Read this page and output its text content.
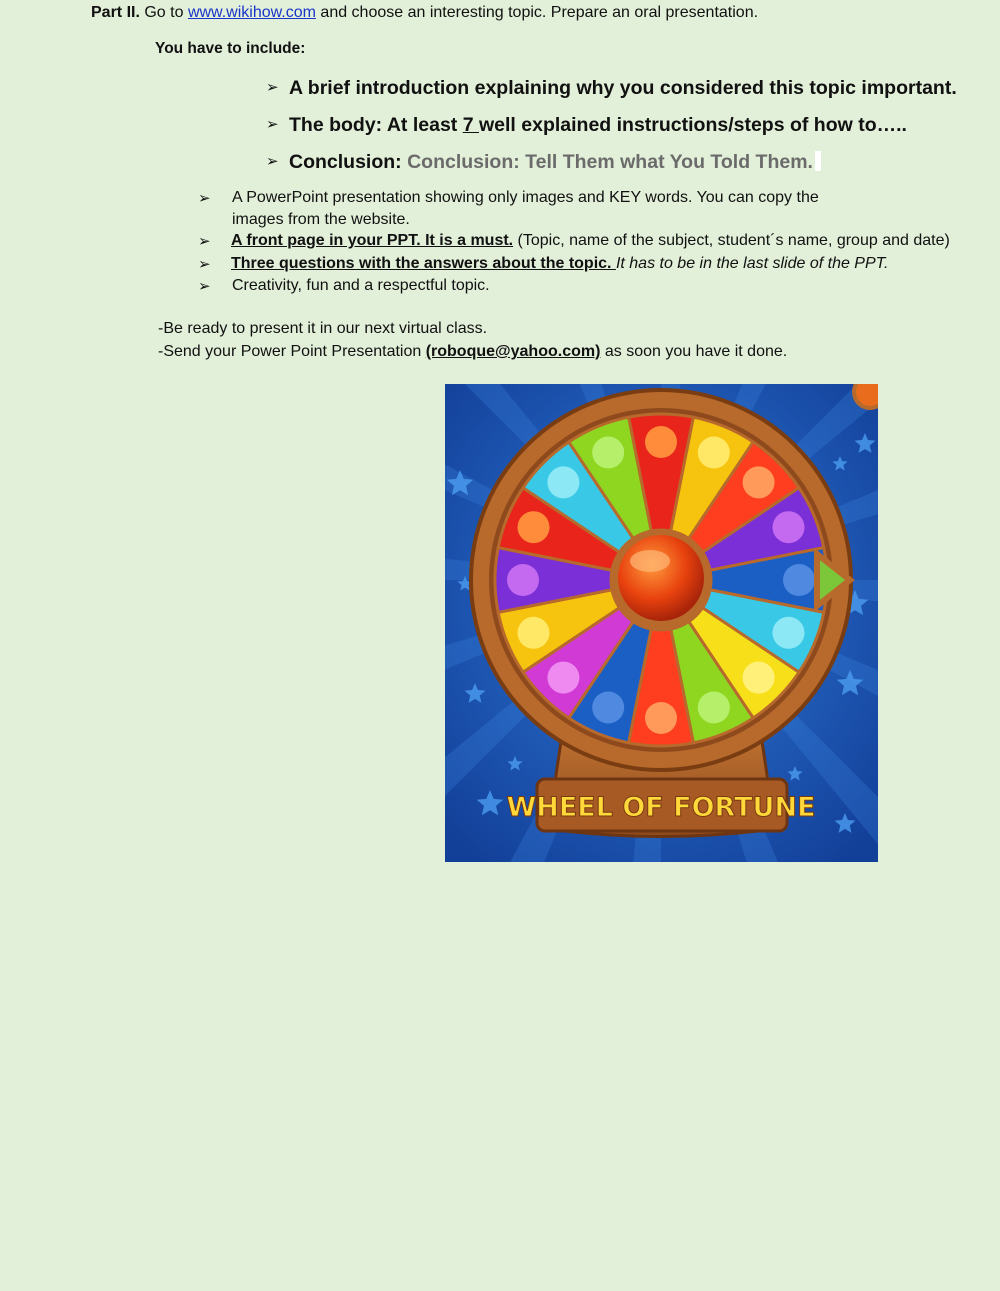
Part II. Go to www.wikihow.com and choose an interesting topic. Prepare an oral presentation.
You have to include:
➢ A brief introduction explaining why you considered this topic important.
➢ The body: At least 7 well explained instructions/steps of how to…..
➢ Conclusion: Conclusion: Tell Them what You Told Them.
➢ A PowerPoint presentation showing only images and KEY words. You can copy the
images from the website.
➢ A front page in your PPT. It is a must. (Topic, name of the subject, student´s name, group and date)
➢ Three questions with the answers about the topic. It has to be in the last slide of the PPT.
➢ Creativity, fun and a respectful topic.
-Be ready to present it in our next virtual class.
-Send your Power Point Presentation (roboque@yahoo.com) as soon you have it done.
WHEEL OF FORTUNE
